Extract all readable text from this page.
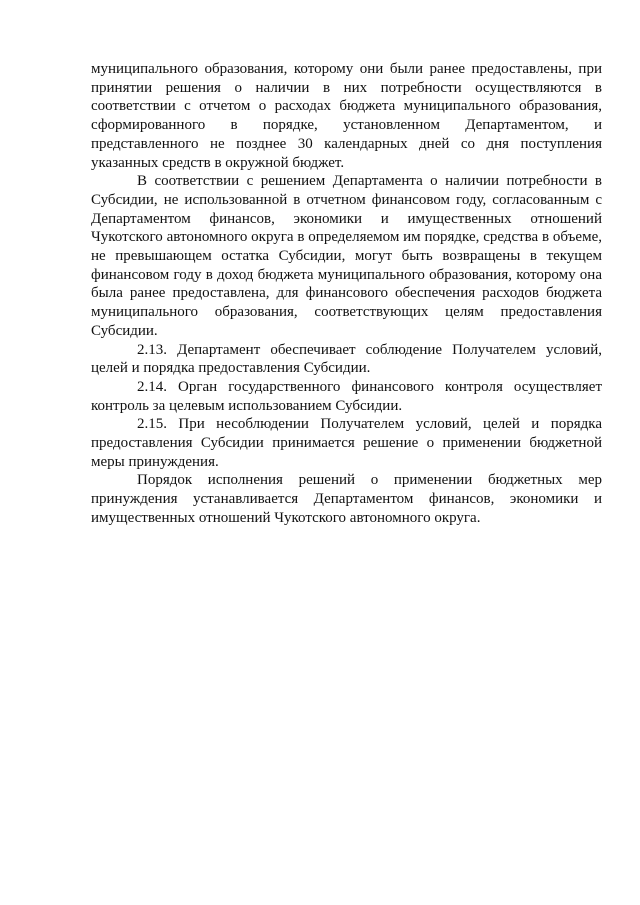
муниципального образования, которому они были ранее предоставлены, при принятии решения о наличии в них потребности осуществляются в соответствии с отчетом о расходах бюджета муниципального образования, сформированного в порядке, установленном Департаментом, и представленного не позднее 30 календарных дней со дня поступления указанных средств в окружной бюджет.

В соответствии с решением Департамента о наличии потребности в Субсидии, не использованной в отчетном финансовом году, согласованным с Департаментом финансов, экономики и имущественных отношений Чукотского автономного округа в определяемом им порядке, средства в объеме, не превышающем остатка Субсидии, могут быть возвращены в текущем финансовом году в доход бюджета муниципального образования, которому она была ранее предоставлена, для финансового обеспечения расходов бюджета муниципального образования, соответствующих целям предоставления Субсидии.

2.13. Департамент обеспечивает соблюдение Получателем условий, целей и порядка предоставления Субсидии.

2.14. Орган государственного финансового контроля осуществляет контроль за целевым использованием Субсидии.

2.15. При несоблюдении Получателем условий, целей и порядка предоставления Субсидии принимается решение о применении бюджетной меры принуждения.

Порядок исполнения решений о применении бюджетных мер принуждения устанавливается Департаментом финансов, экономики и имущественных отношений Чукотского автономного округа.
